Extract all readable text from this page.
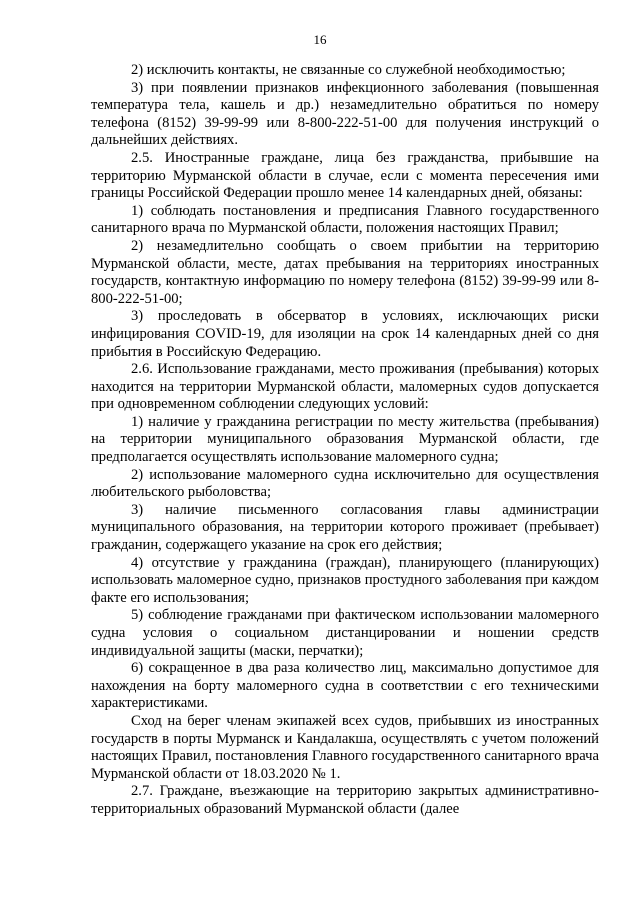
16

2) исключить контакты, не связанные со служебной необходимостью;

3) при появлении признаков инфекционного заболевания (повышенная температура тела, кашель и др.) незамедлительно обратиться по номеру телефона (8152) 39-99-99 или 8-800-222-51-00 для получения инструкций о дальнейших действиях.

2.5. Иностранные граждане, лица без гражданства, прибывшие на территорию Мурманской области в случае, если с момента пересечения ими границы Российской Федерации прошло менее 14 календарных дней, обязаны:

1) соблюдать постановления и предписания Главного государственного санитарного врача по Мурманской области, положения настоящих Правил;

2) незамедлительно сообщать о своем прибытии на территорию Мурманской области, месте, датах пребывания на территориях иностранных государств, контактную информацию по номеру телефона (8152) 39-99-99 или 8-800-222-51-00;

3) проследовать в обсерватор в условиях, исключающих риски инфицирования COVID-19, для изоляции на срок 14 календарных дней со дня прибытия в Российскую Федерацию.

2.6. Использование гражданами, место проживания (пребывания) которых находится на территории Мурманской области, маломерных судов допускается при одновременном соблюдении следующих условий:

1) наличие у гражданина регистрации по месту жительства (пребывания) на территории муниципального образования Мурманской области, где предполагается осуществлять использование маломерного судна;

2) использование маломерного судна исключительно для осуществления любительского рыболовства;

3) наличие письменного согласования главы администрации муниципального образования, на территории которого проживает (пребывает) гражданин, содержащего указание на срок его действия;

4) отсутствие у гражданина (граждан), планирующего (планирующих) использовать маломерное судно, признаков простудного заболевания при каждом факте его использования;

5) соблюдение гражданами при фактическом использовании маломерного судна условия о социальном дистанцировании и ношении средств индивидуальной защиты (маски, перчатки);

6) сокращенное в два раза количество лиц, максимально допустимое для нахождения на борту маломерного судна в соответствии с его техническими характеристиками.

Сход на берег членам экипажей всех судов, прибывших из иностранных государств в порты Мурманск и Кандалакша, осуществлять с учетом положений настоящих Правил, постановления Главного государственного санитарного врача Мурманской области от 18.03.2020 № 1.

2.7. Граждане, въезжающие на территорию закрытых административно-территориальных образований Мурманской области (далее
